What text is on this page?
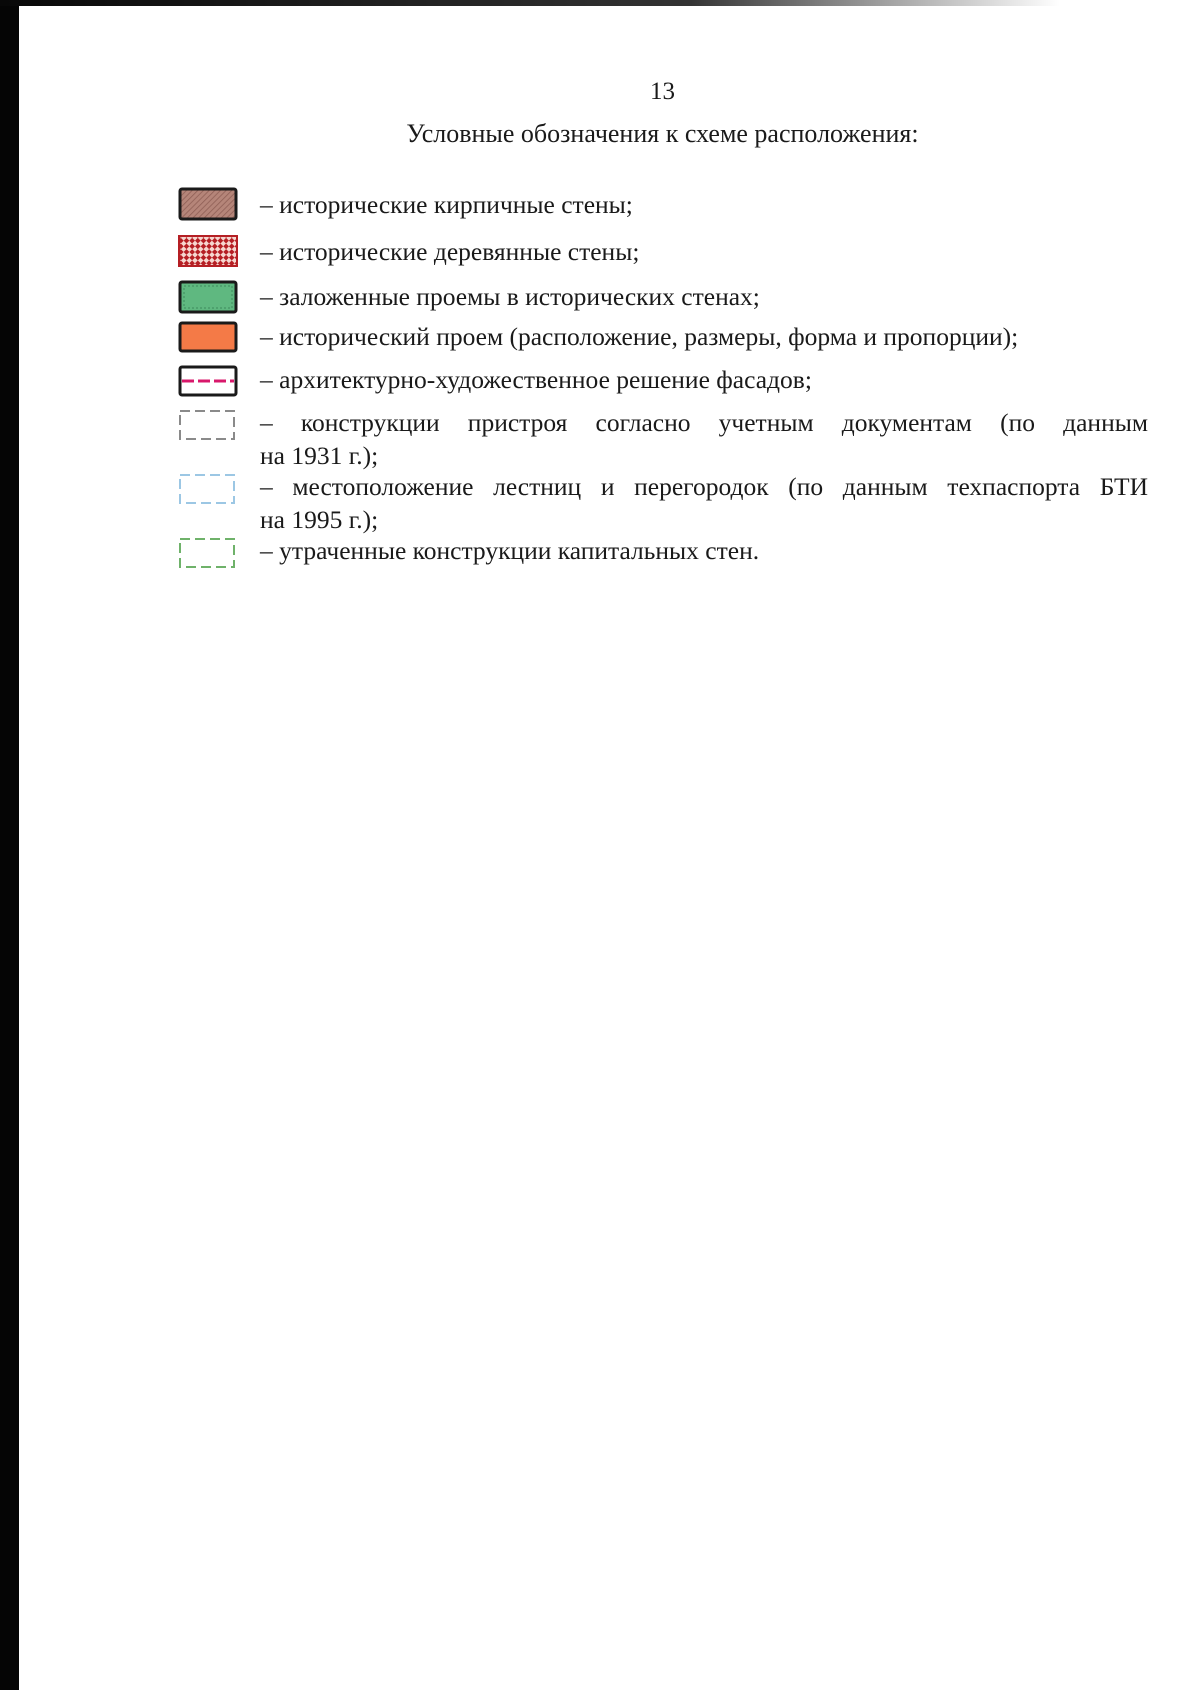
13
Условные обозначения к схеме расположения:
– исторические кирпичные стены;
– исторические деревянные стены;
– заложенные проемы в исторических стенах;
– исторический проем (расположение, размеры, форма и пропорции);
– архитектурно-художественное решение фасадов;
– конструкции пристроя согласно учетным документам (по данным
на 1931 г.);
– местоположение лестниц и перегородок (по данным техпаспорта БТИ
на 1995 г.);
– утраченные конструкции капитальных стен.
